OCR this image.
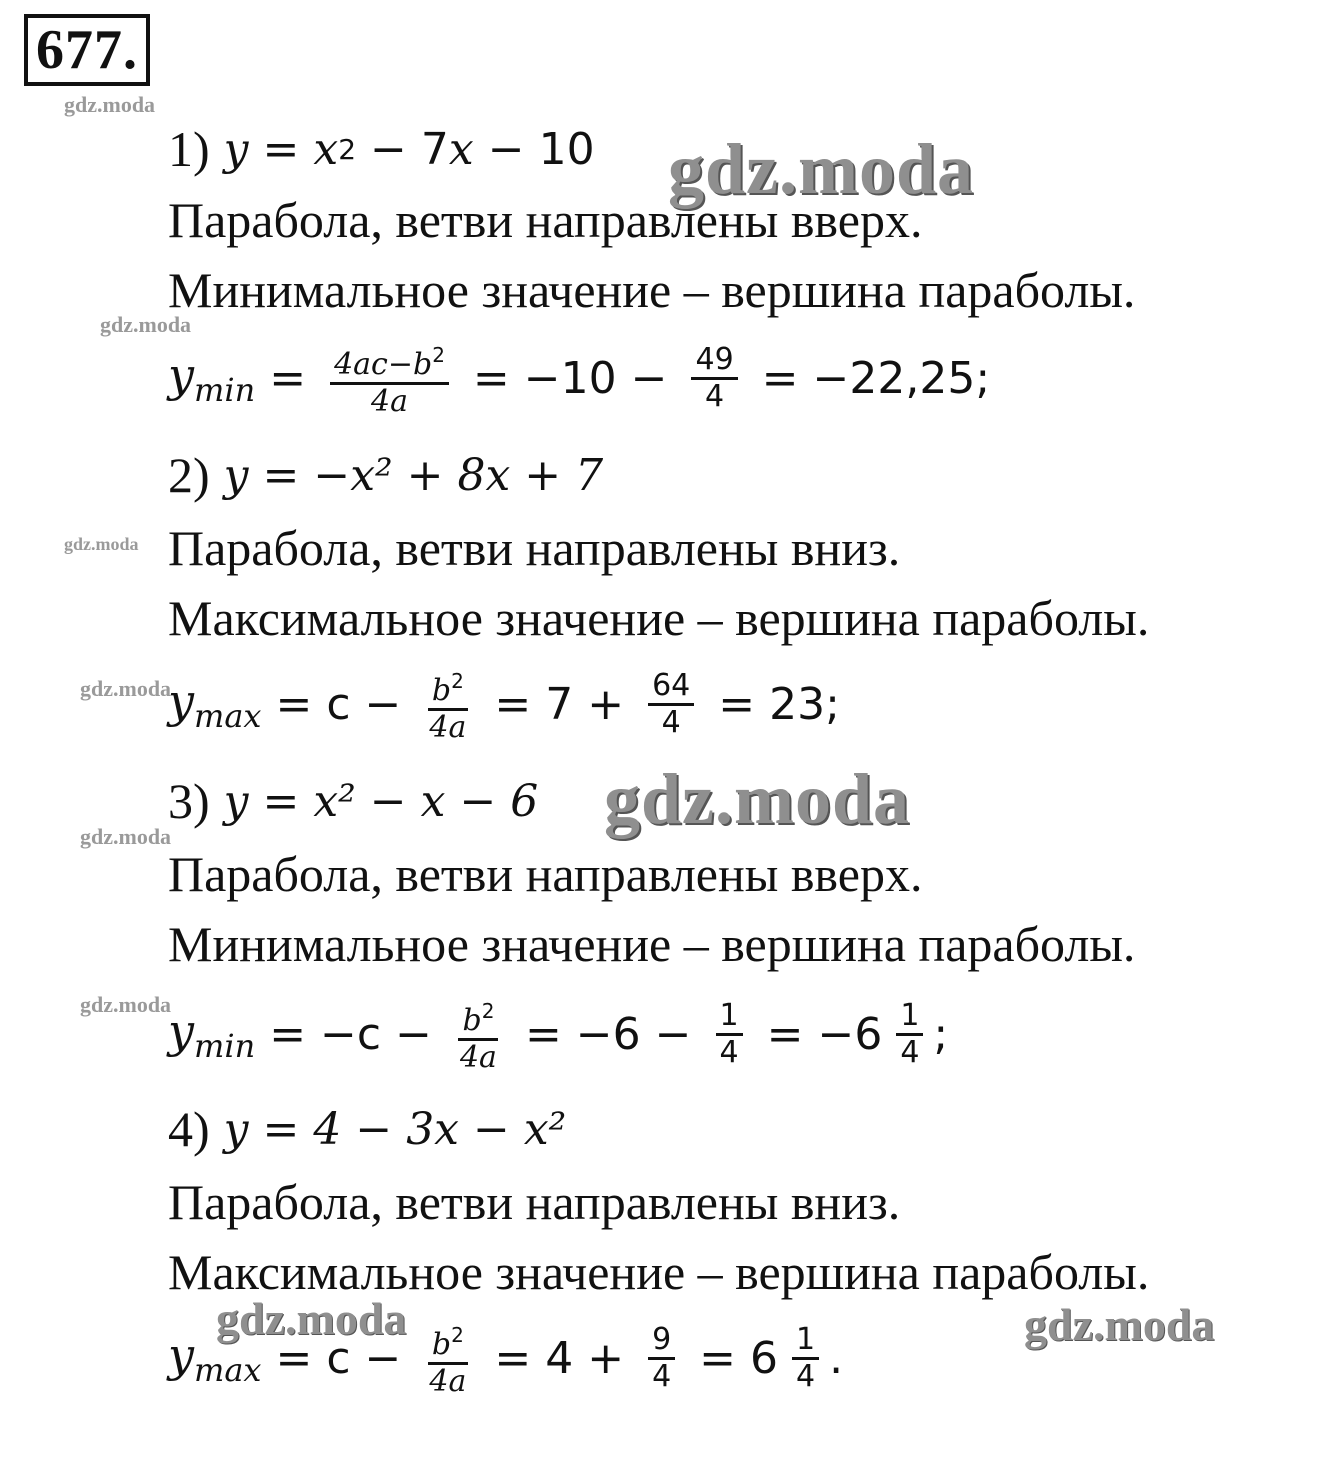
677.
gdz.moda
gdz.moda
gdz.moda
gdz.moda
gdz.moda
gdz.moda
1) y = x 2 − 7 x − 10 gdz.moda
Парабола, ветви направлены вверх.
Минимальное значение – вершина параболы.
$y_{min} = \frac{4ac-b^2}{4a} = -10 - \frac{49}{4} = -22,25$;
2) y = −x² + 8x + 7
Парабола, ветви направлены вниз.
Максимальное значение – вершина параболы.
$y_{max} = c - \frac{b^2}{4a} = 7 + \frac{64}{4} = 23$;
3) y = x² − x − 6 gdz.moda
Парабола, ветви направлены вверх.
Минимальное значение – вершина параболы.
$y_{min} = -c - \frac{b^2}{4a} = -6 - \frac{1}{4} = -6 \frac{1}{4}$ ;
4) y = 4 − 3x − x²
Парабола, ветви направлены вниз.
Максимальное значение – вершина параболы.
gdz.moda	gdz.moda
$y_{max} = c - \frac{b^2}{4a} = 4 + \frac{9}{4} = 6 \frac{1}{4}$ .
